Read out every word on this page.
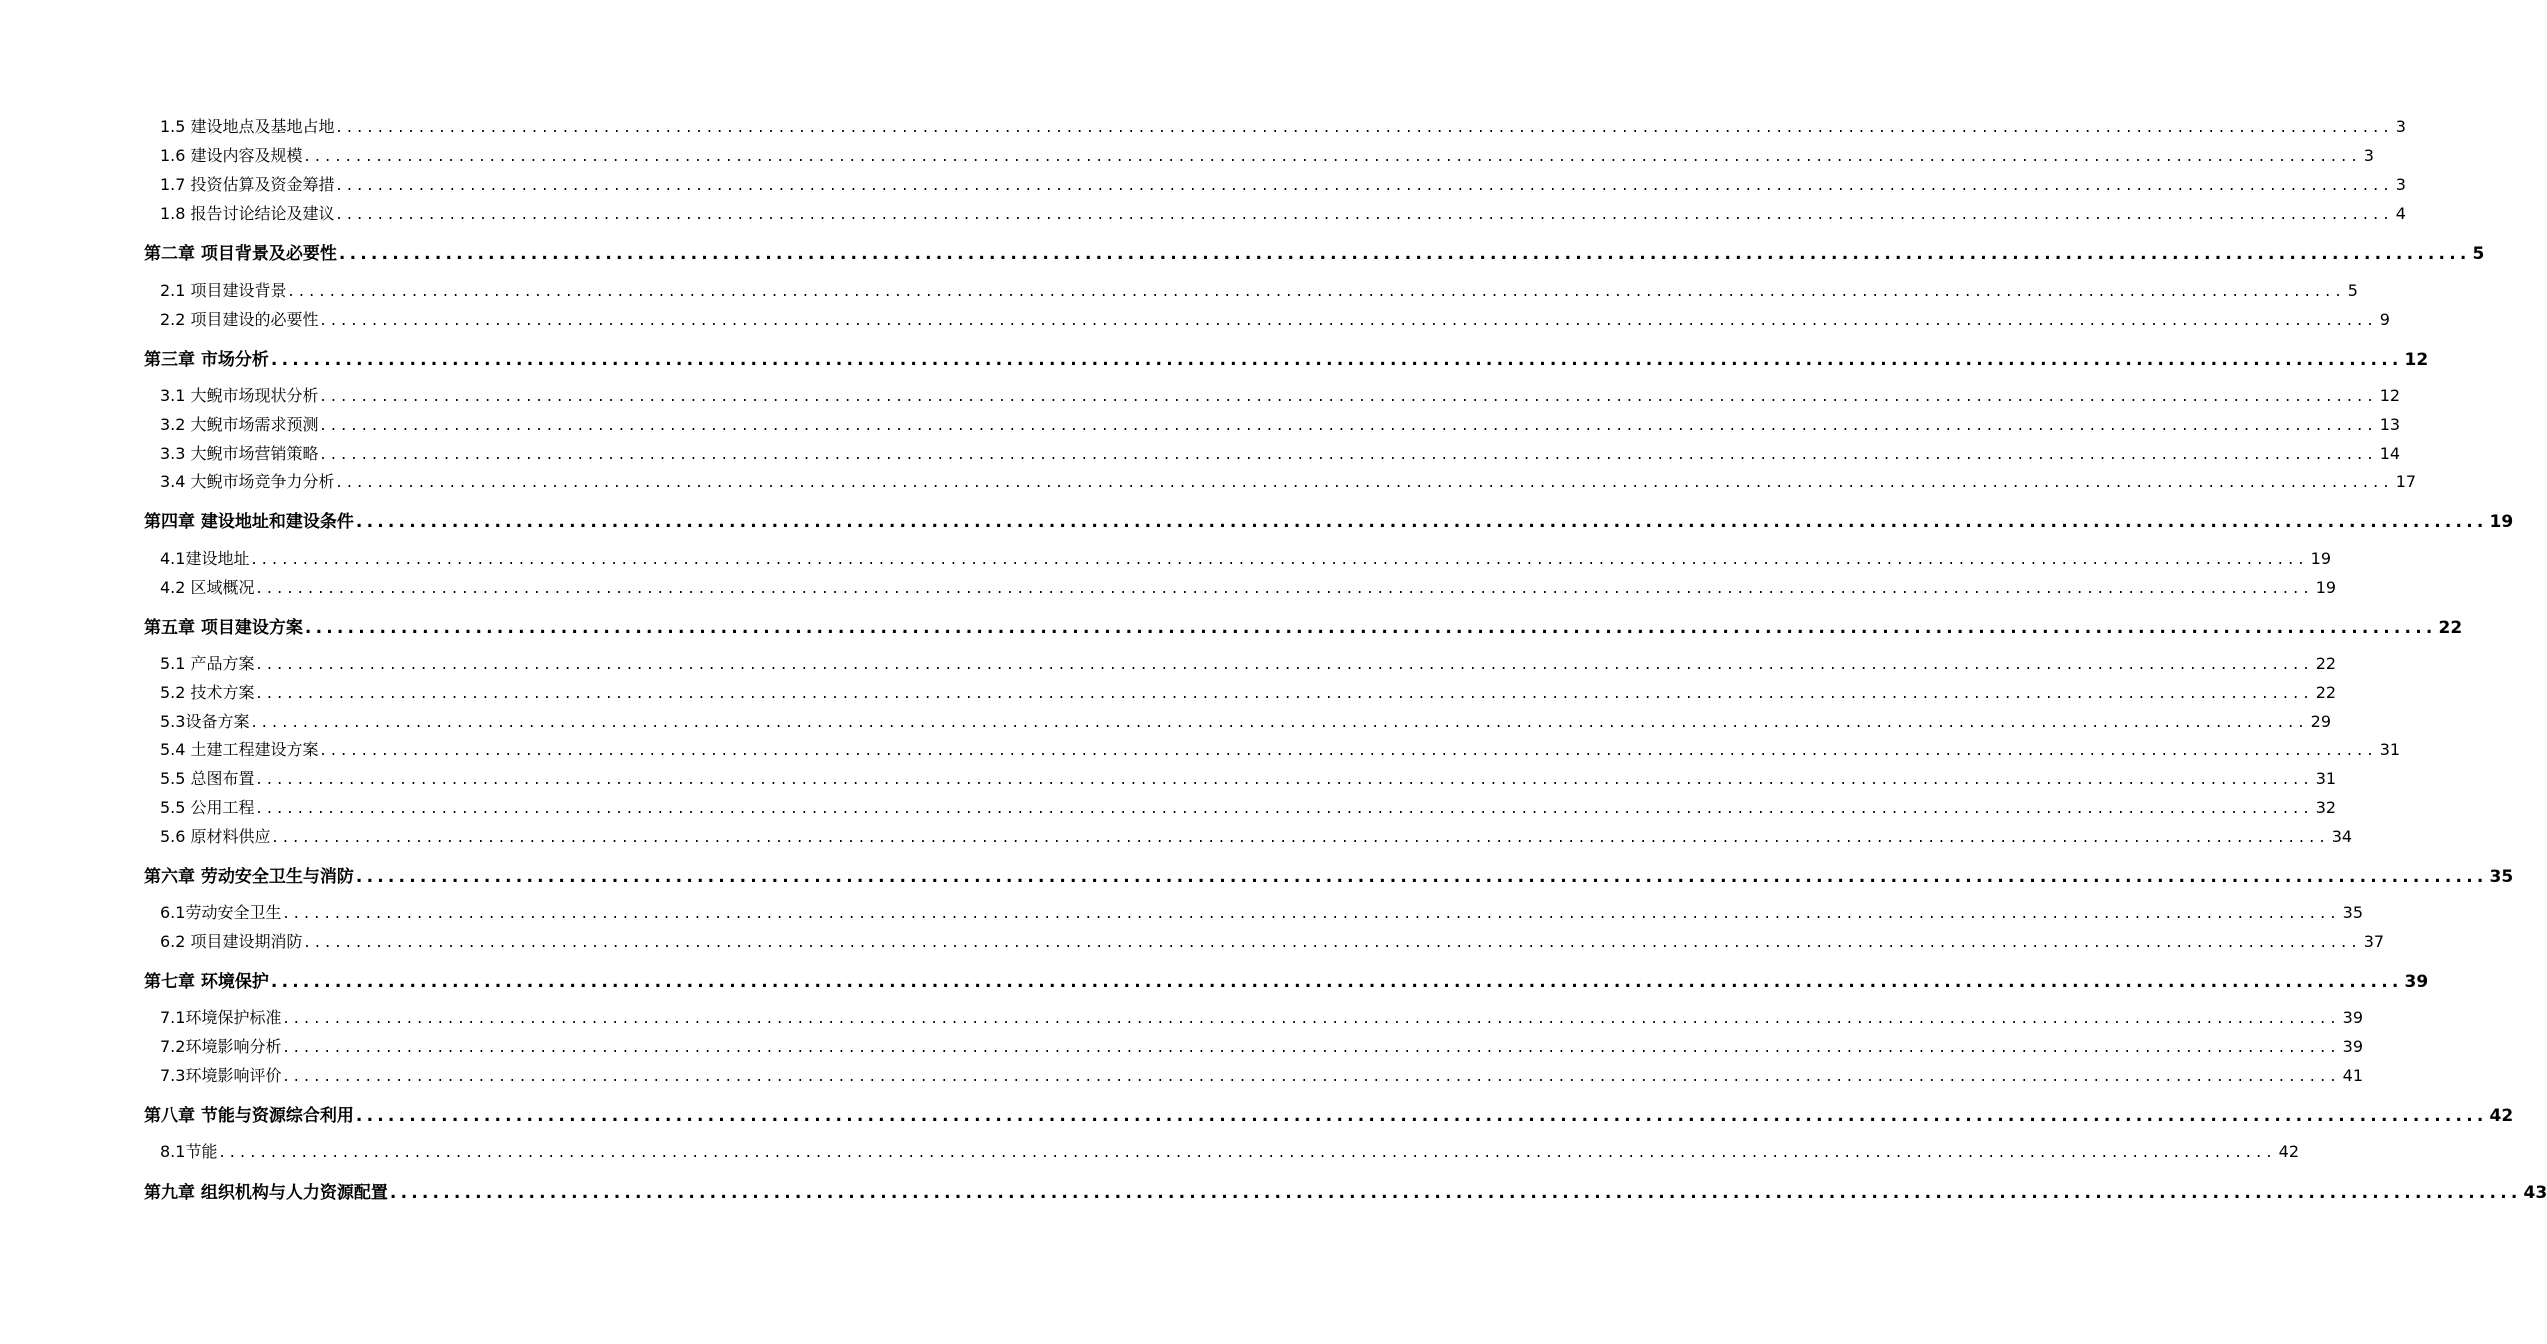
1.5 建设地点及基地占地 ........................................................................................................................................................................................................ 3
1.6 建设内容及规模 ........................................................................................................................................................................................................ 3
1.7 投资估算及资金筹措 ........................................................................................................................................................................................................ 3
1.8 报告讨论结论及建议 ........................................................................................................................................................................................................ 4
第二章 项目背景及必要性 ........................................................................................................................................................................................................ 5
2.1 项目建设背景 ........................................................................................................................................................................................................ 5
2.2 项目建设的必要性 ........................................................................................................................................................................................................ 9
第三章 市场分析 ........................................................................................................................................................................................................ 12
3.1 大鲵市场现状分析 ........................................................................................................................................................................................................ 12
3.2 大鲵市场需求预测 ........................................................................................................................................................................................................ 13
3.3 大鲵市场营销策略 ........................................................................................................................................................................................................ 14
3.4 大鲵市场竞争力分析 ........................................................................................................................................................................................................ 17
第四章 建设地址和建设条件 ........................................................................................................................................................................................................ 19
4.1建设地址 ........................................................................................................................................................................................................ 19
4.2 区域概况 ........................................................................................................................................................................................................ 19
第五章 项目建设方案 ........................................................................................................................................................................................................ 22
5.1 产品方案 ........................................................................................................................................................................................................ 22
5.2 技术方案 ........................................................................................................................................................................................................ 22
5.3设备方案 ........................................................................................................................................................................................................ 29
5.4 土建工程建设方案 ........................................................................................................................................................................................................ 31
5.5 总图布置 ........................................................................................................................................................................................................ 31
5.5 公用工程 ........................................................................................................................................................................................................ 32
5.6 原材料供应 ........................................................................................................................................................................................................ 34
第六章 劳动安全卫生与消防 ........................................................................................................................................................................................................ 35
6.1劳动安全卫生 ........................................................................................................................................................................................................ 35
6.2 项目建设期消防 ........................................................................................................................................................................................................ 37
第七章 环境保护 ........................................................................................................................................................................................................ 39
7.1环境保护标准 ........................................................................................................................................................................................................ 39
7.2环境影响分析 ........................................................................................................................................................................................................ 39
7.3环境影响评价 ........................................................................................................................................................................................................ 41
第八章 节能与资源综合利用 ........................................................................................................................................................................................................ 42
8.1节能 ........................................................................................................................................................................................................ 42
第九章 组织机构与人力资源配置 ........................................................................................................................................................................................................ 43
